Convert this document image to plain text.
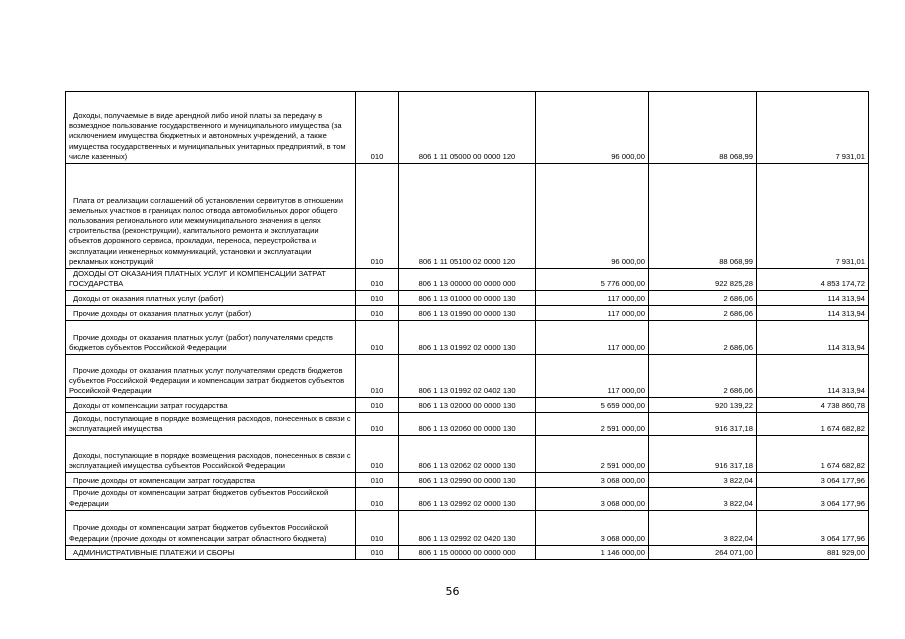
Доходы, получаемые в виде арендной либо иной платы за передачу в возмездное пользование государственного и муниципального имущества (за исключением имущества бюджетных и автономных учреждений, а также имущества государственных и муниципальных унитарных предприятий, в том числе казенных)	010	806 1 11 05000 00 0000 120	96 000,00	88 068,99	7 931,01
Плата от реализации соглашений об установлении сервитутов в отношении земельных участков в границах полос отвода автомобильных дорог общего пользования регионального или межмуниципального значения в целях строительства (реконструкции), капитального ремонта и эксплуатации объектов дорожного сервиса, прокладки, переноса, переустройства и эксплуатации инженерных коммуникаций, установки и эксплуатации рекламных конструкций	010	806 1 11 05100 02 0000 120	96 000,00	88 068,99	7 931,01
ДОХОДЫ ОТ ОКАЗАНИЯ ПЛАТНЫХ УСЛУГ И КОМПЕНСАЦИИ ЗАТРАТ ГОСУДАРСТВА	010	806 1 13 00000 00 0000 000	5 776 000,00	922 825,28	4 853 174,72
Доходы от оказания платных услуг (работ)	010	806 1 13 01000 00 0000 130	117 000,00	2 686,06	114 313,94
Прочие доходы от оказания платных услуг (работ)	010	806 1 13 01990 00 0000 130	117 000,00	2 686,06	114 313,94
Прочие доходы от оказания платных услуг (работ) получателями средств бюджетов субъектов Российской Федерации	010	806 1 13 01992 02 0000 130	117 000,00	2 686,06	114 313,94
Прочие доходы от оказания платных услуг получателями средств бюджетов субъектов Российской Федерации и компенсации затрат бюджетов субъектов Российской Федерации	010	806 1 13 01992 02 0402 130	117 000,00	2 686,06	114 313,94
Доходы от компенсации затрат государства	010	806 1 13 02000 00 0000 130	5 659 000,00	920 139,22	4 738 860,78
Доходы, поступающие в порядке возмещения расходов, понесенных в связи с эксплуатацией имущества	010	806 1 13 02060 00 0000 130	2 591 000,00	916 317,18	1 674 682,82
Доходы, поступающие в порядке возмещения расходов, понесенных в связи с эксплуатацией имущества субъектов Российской Федерации	010	806 1 13 02062 02 0000 130	2 591 000,00	916 317,18	1 674 682,82
Прочие доходы от компенсации затрат государства	010	806 1 13 02990 00 0000 130	3 068 000,00	3 822,04	3 064 177,96
Прочие доходы от компенсации затрат бюджетов субъектов Российской Федерации	010	806 1 13 02992 02 0000 130	3 068 000,00	3 822,04	3 064 177,96
Прочие доходы от компенсации затрат бюджетов субъектов Российской Федерации (прочие доходы от компенсации затрат областного бюджета)	010	806 1 13 02992 02 0420 130	3 068 000,00	3 822,04	3 064 177,96
АДМИНИСТРАТИВНЫЕ ПЛАТЕЖИ И СБОРЫ	010	806 1 15 00000 00 0000 000	1 146 000,00	264 071,00	881 929,00
56
